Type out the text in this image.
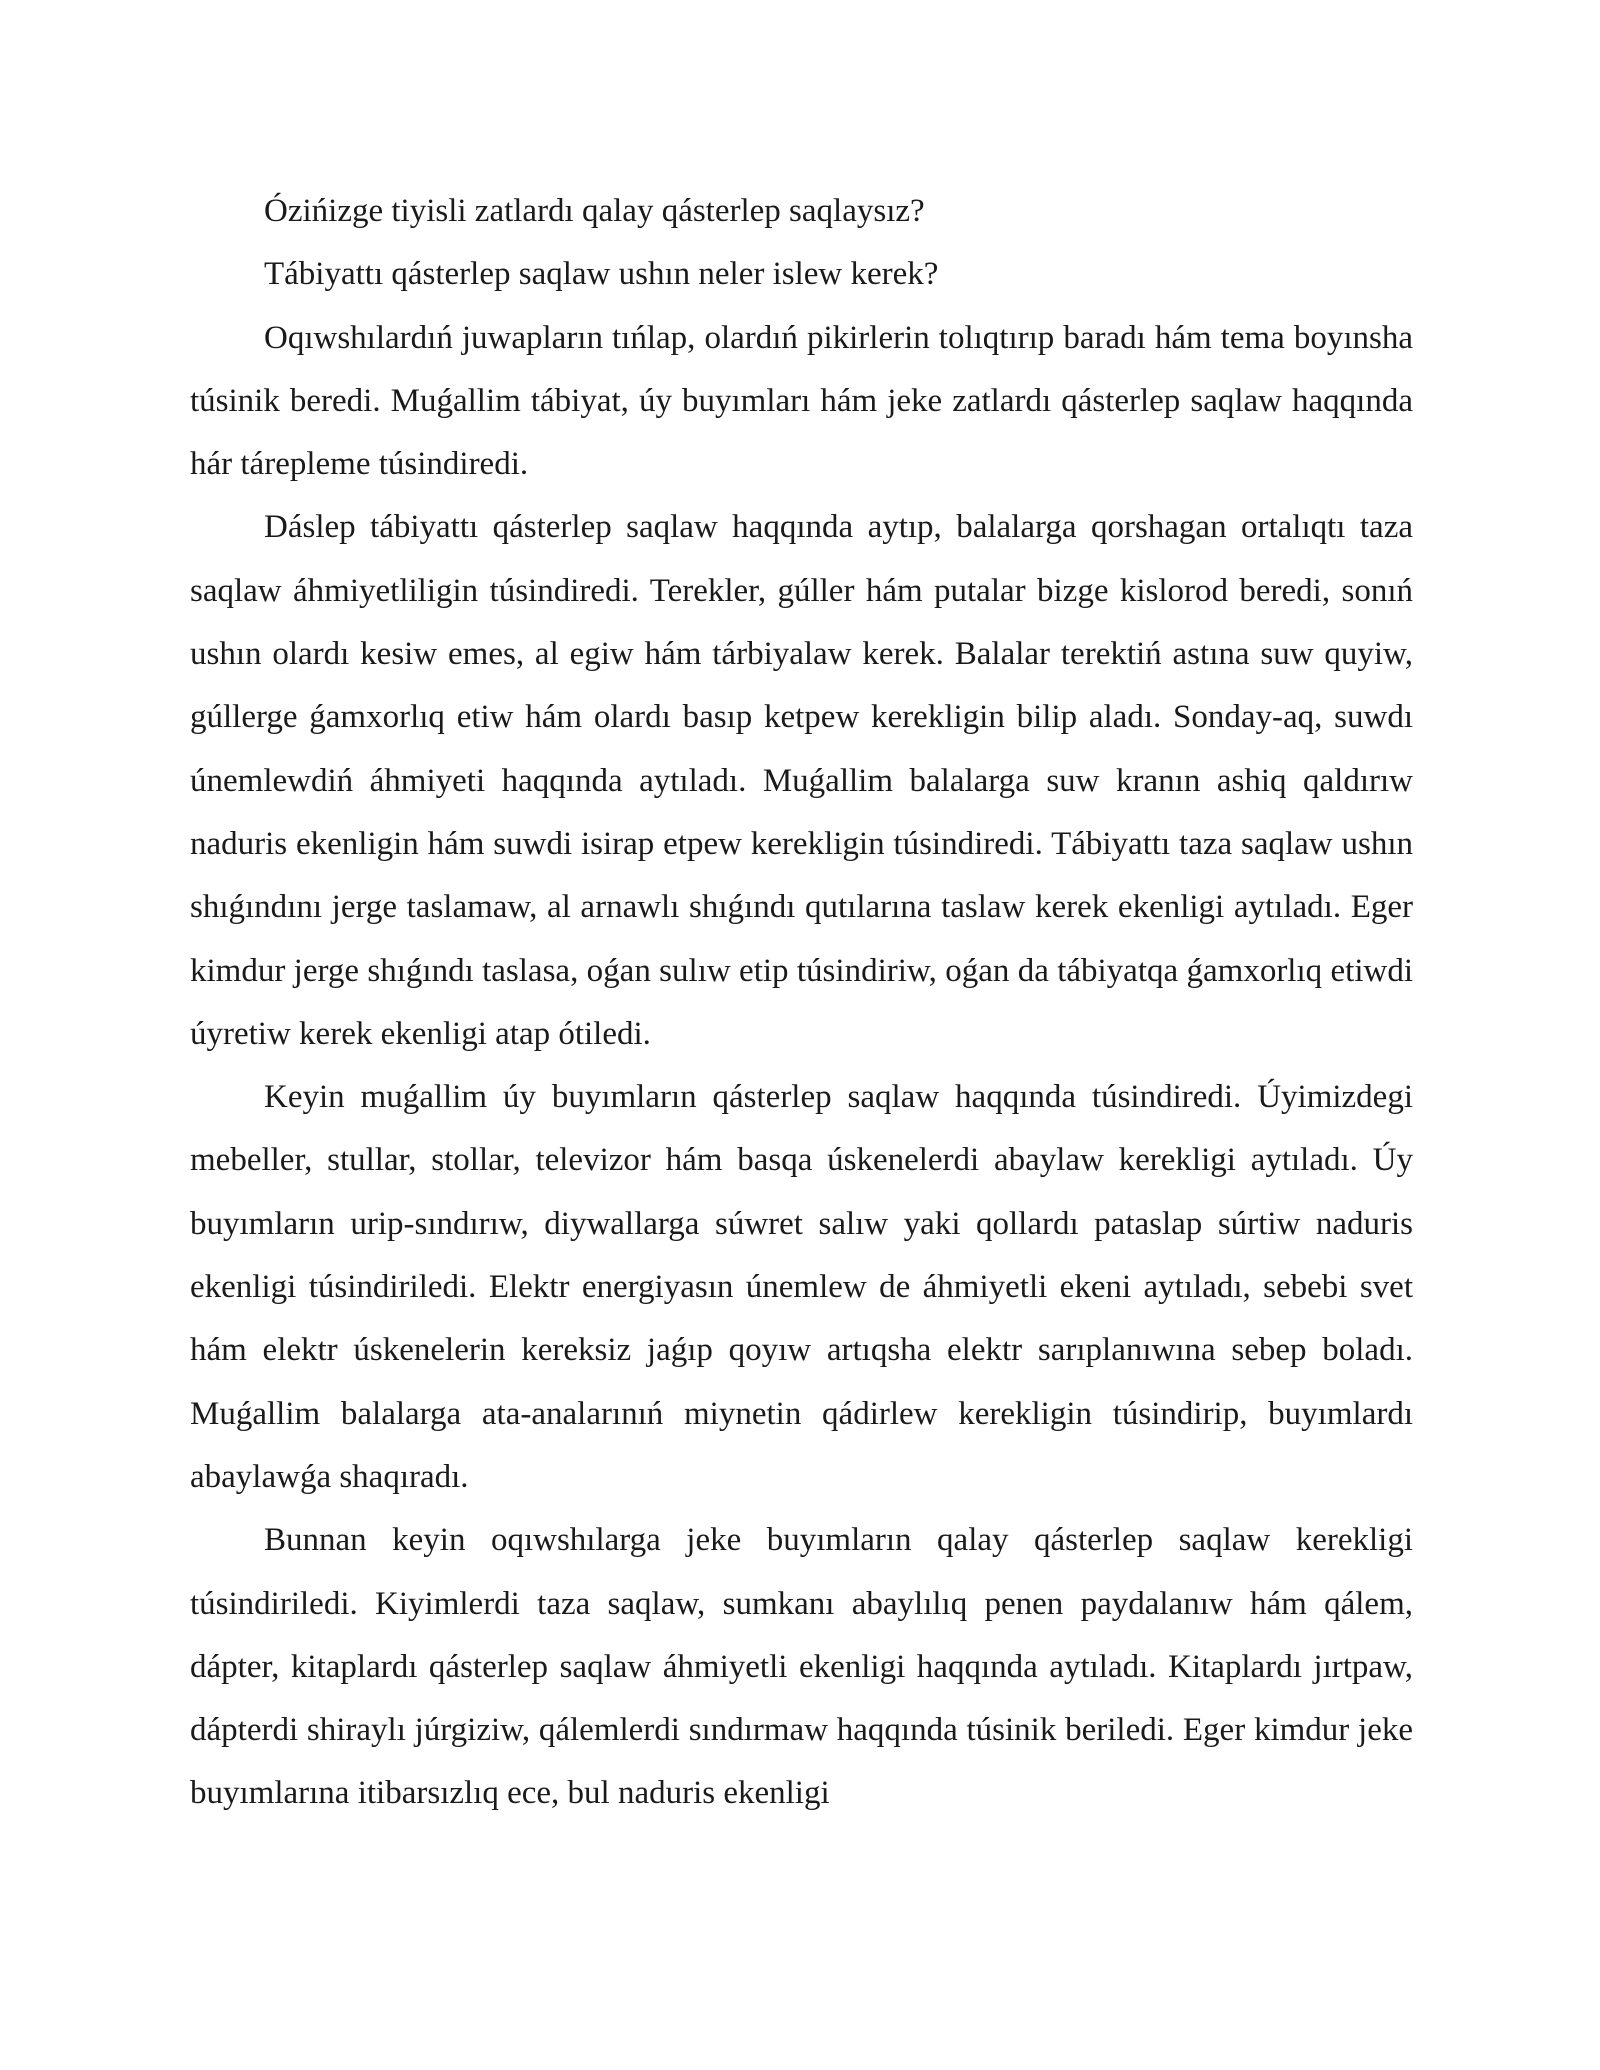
Ózińizge tiyisli zatlardı qalay qásterlep saqlaysız?

Tábiyattı qásterlep saqlaw ushın neler islew kerek?

Oqıwshılardıń juwapların tıńlap, olardıń pikirlerin tolıqtırıp baradı hám tema boyınsha túsinik beredi. Muǵallim tábiyat, úy buyımları hám jeke zatlardı qásterlep saqlaw haqqında hár tárepleme túsindiredi.

Dáslep tábiyattı qásterlep saqlaw haqqında aytıp, balalarga qorshagan ortalıqtı taza saqlaw áhmiyetliligin túsindiredi. Terekler, gúller hám putalar bizge kislorod beredi, sonıń ushın olardı kesiw emes, al egiw hám tárbiyalaw kerek. Balalar terektiń astına suw quyiw, gúllerge ǵamxorlıq etiw hám olardı basıp ketpew kerekligin bilip aladı. Sonday-aq, suwdı únemlewdiń áhmiyeti haqqında aytıladı. Muǵallim balalarga suw kranın ashiq qaldırıw naduris ekenligin hám suwdi isirap etpew kerekligin túsindiredi. Tábiyattı taza saqlaw ushın shıǵındını jerge taslamaw, al arnawlı shıǵındı qutılarına taslaw kerek ekenligi aytıladı. Eger kimdur jerge shıǵındı taslasa, oǵan sulıw etip túsindiriw, oǵan da tábiyatqa ǵamxorlıq etiwdi úyretiw kerek ekenligi atap ótiledi.

Keyin muǵallim úy buyımların qásterlep saqlaw haqqında túsindiredi. Úyimizdegi mebeller, stullar, stollar, televizor hám basqa úskenelerdi abaylaw kerekligi aytıladı. Úy buyımların urip-sındırıw, diywallarga súwret salıw yaki qollardı pataslap súrtiw naduris ekenligi túsindiriledi. Elektr energiyasın únemlew de áhmiyetli ekeni aytıladı, sebebi svet hám elektr úskenelerin kereksiz jaǵıp qoyıw artıqsha elektr sarıplanıwına sebep boladı. Muǵallim balalarga ata-analarınıń miynetin qádirlew kerekligin túsindirip, buyımlardı abaylawǵa shaqıradı.

Bunnan keyin oqıwshılarga jeke buyımların qalay qásterlep saqlaw kerekligi túsindiriledi. Kiyimlerdi taza saqlaw, sumkanı abaylılıq penen paydalanıw hám qálem, dápter, kitaplardı qásterlep saqlaw áhmiyetli ekenligi haqqında aytıladı. Kitaplardı jırtpaw, dápterdi shiraylı júrgiziw, qálemlerdi sındırmaw haqqında túsinik beriledi. Eger kimdur jeke buyımlarına itibarsızlıq ece, bul naduris ekenligi
